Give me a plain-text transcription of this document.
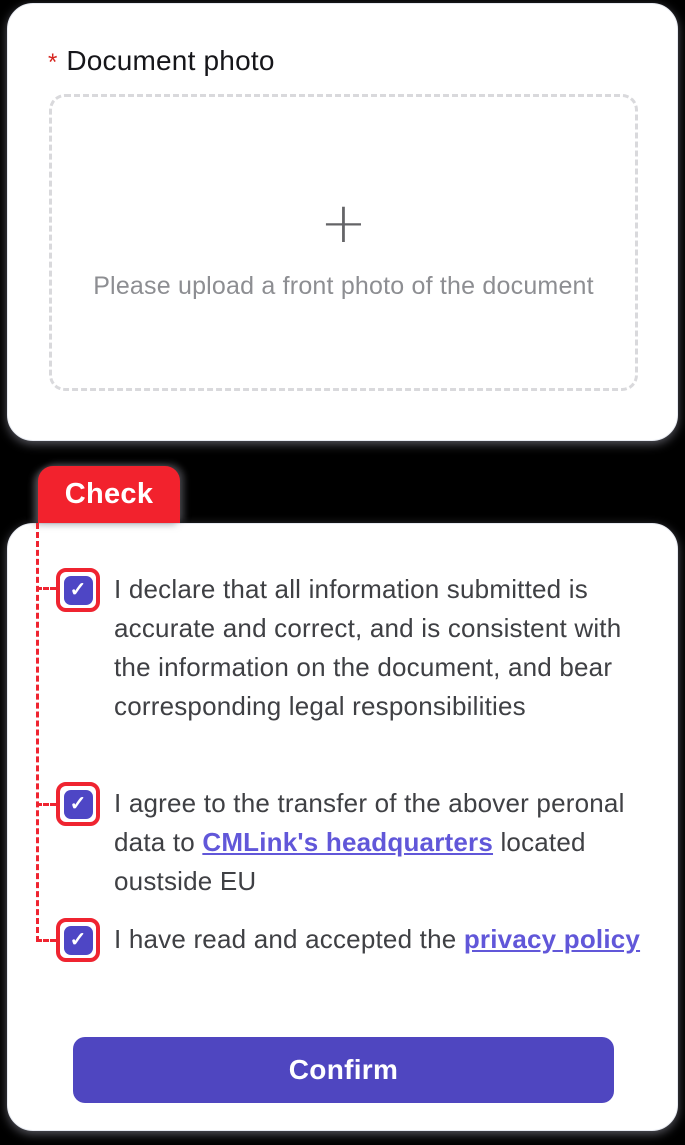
* Document photo
+
Please upload a front photo of the document
Check
✓ I declare that all information submitted is accurate and correct, and is consistent with the information on the document, and bear corresponding legal responsibilities
✓ I agree to the transfer of the abover peronal data to CMLink's headquarters located oustside EU
✓ I have read and accepted the privacy policy
Confirm
